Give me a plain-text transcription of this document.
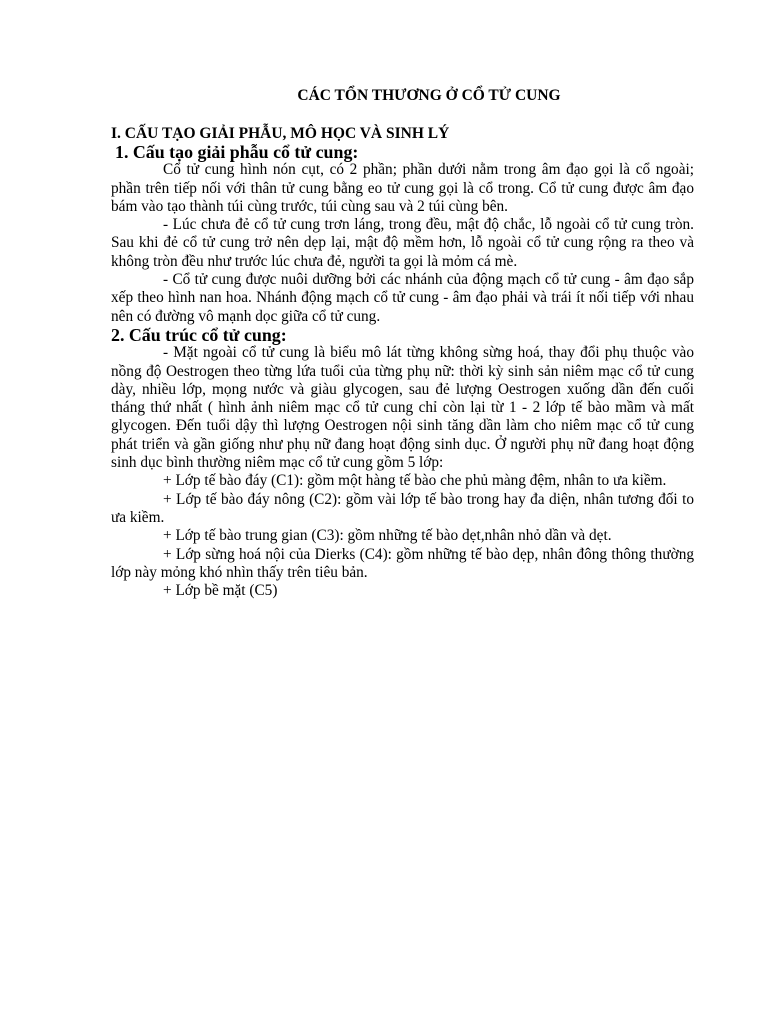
CÁC TỔN THƯƠNG Ở CỔ TỬ CUNG
I. CẤU TẠO GIẢI PHẪU, MÔ HỌC VÀ SINH LÝ
1. Cấu tạo giải phẫu cổ tử cung:

Cổ tử cung hình nón cụt, có 2 phần; phần dưới nằm trong âm đạo gọi là cổ ngoài; phần trên tiếp nối với thân tử cung bằng eo tử cung gọi là cổ trong. Cổ tử cung được âm đạo bám vào tạo thành túi cùng trước, túi cùng sau và 2 túi cùng bên.

- Lúc chưa đẻ cổ tử cung trơn láng, trong đều, mật độ chắc, lỗ ngoài cổ tử cung tròn. Sau khi đẻ cổ tử cung trở nên dẹp lại, mật độ mềm hơn, lỗ ngoài cổ tử cung rộng ra theo và không tròn đều như trước lúc chưa đẻ, người ta gọi là mỏm cá mè.

- Cổ tử cung được nuôi dưỡng bởi các nhánh của động mạch cổ tử cung - âm đạo sắp xếp theo hình nan hoa. Nhánh động mạch cổ tử cung - âm đạo phải và trái ít nối tiếp với nhau nên có đường vô mạnh dọc giữa cổ tử cung.

2. Cấu trúc cổ tử cung:

- Mặt ngoài cổ tử cung là biểu mô lát từng không sừng hoá, thay đổi phụ thuộc vào nồng độ Oestrogen theo từng lứa tuổi của từng phụ nữ: thời kỳ sinh sản niêm mạc cổ tử cung dày, nhiều lớp, mọng nước và giàu glycogen, sau đẻ lượng Oestrogen xuống dần đến cuối tháng thứ nhất ( hình ảnh niêm mạc cổ tử cung chỉ còn lại từ 1 - 2 lớp tế bào mầm và mất glycogen. Đến tuổi dậy thì lượng Oestrogen nội sinh tăng dần làm cho niêm mạc cổ tử cung phát triển và gần giống như phụ nữ đang hoạt động sinh dục. Ở người phụ nữ đang hoạt động sinh dục bình thường niêm mạc cổ tử cung gồm 5 lớp:

+ Lớp tế bào đáy (C1): gồm một hàng tế bào che phủ màng đệm, nhân to ưa kiềm.

+ Lớp tế bào đáy nông (C2): gồm vài lớp tế bào trong hay đa diện, nhân tương đối to ưa kiềm.

+ Lớp tế bào trung gian (C3): gồm những tế bào dẹt,nhân nhỏ dần và dẹt.

+ Lớp sừng hoá nội của Dierks (C4): gồm những tế bào dẹp, nhân đông thông thường lớp này mỏng khó nhìn thấy trên tiêu bản.

+ Lớp bề mặt (C5)
